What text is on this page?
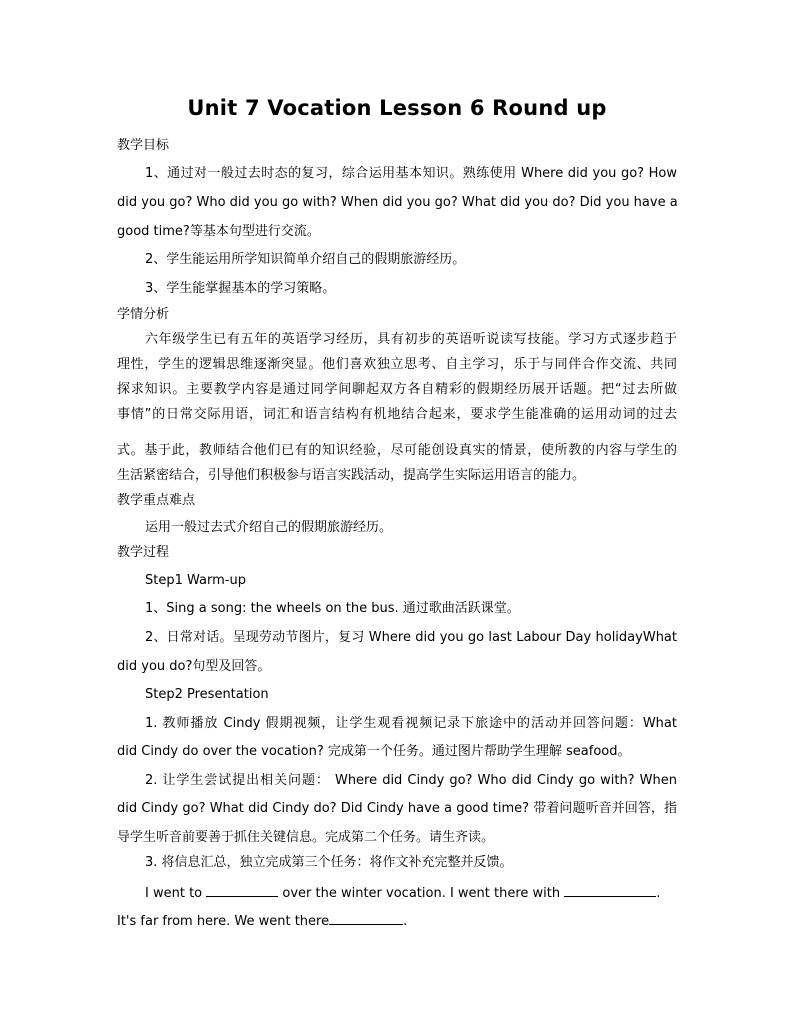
Unit 7 Vocation Lesson 6 Round up
教学目标
1、通过对一般过去时态的复习，综合运用基本知识。熟练使用 Where did you go? How
did you go? Who did you go with? When did you go? What did you do? Did you have a
good time?等基本句型进行交流。
2、学生能运用所学知识简单介绍自己的假期旅游经历。
3、学生能掌握基本的学习策略。
学情分析
六年级学生已有五年的英语学习经历，具有初步的英语听说读写技能。学习方式逐步趋于
理性，学生的逻辑思维逐渐突显。他们喜欢独立思考、自主学习，乐于与同伴合作交流、共同
探求知识。主要教学内容是通过同学间聊起双方各自精彩的假期经历展开话题。把“过去所做
事情”的日常交际用语，词汇和语言结构有机地结合起来，要求学生能准确的运用动词的过去
式。基于此，教师结合他们已有的知识经验，尽可能创设真实的情景，使所教的内容与学生的
生活紧密结合，引导他们积极参与语言实践活动，提高学生实际运用语言的能力。
教学重点难点
运用一般过去式介绍自己的假期旅游经历。
教学过程
Step1 Warm-up
1、Sing a song: the wheels on the bus. 通过歌曲活跃课堂。
2、日常对话。呈现劳动节图片，复习 Where did you go last Labour Day holidayWhat
did you do?句型及回答。
Step2 Presentation
1. 教师播放 Cindy 假期视频，让学生观看视频记录下旅途中的活动并回答问题：What
did Cindy do over the vocation? 完成第一个任务。通过图片帮助学生理解 seafood。
2. 让学生尝试提出相关问题： Where did Cindy go? Who did Cindy go with? When
did Cindy go? What did Cindy do? Did Cindy have a good time? 带着问题听音并回答，指
导学生听音前要善于抓住关键信息。完成第二个任务。请生齐读。
3. 将信息汇总，独立完成第三个任务：将作文补充完整并反馈。
I went to	over the winter vocation. I went there with	.
It's far from here. We went there	.
